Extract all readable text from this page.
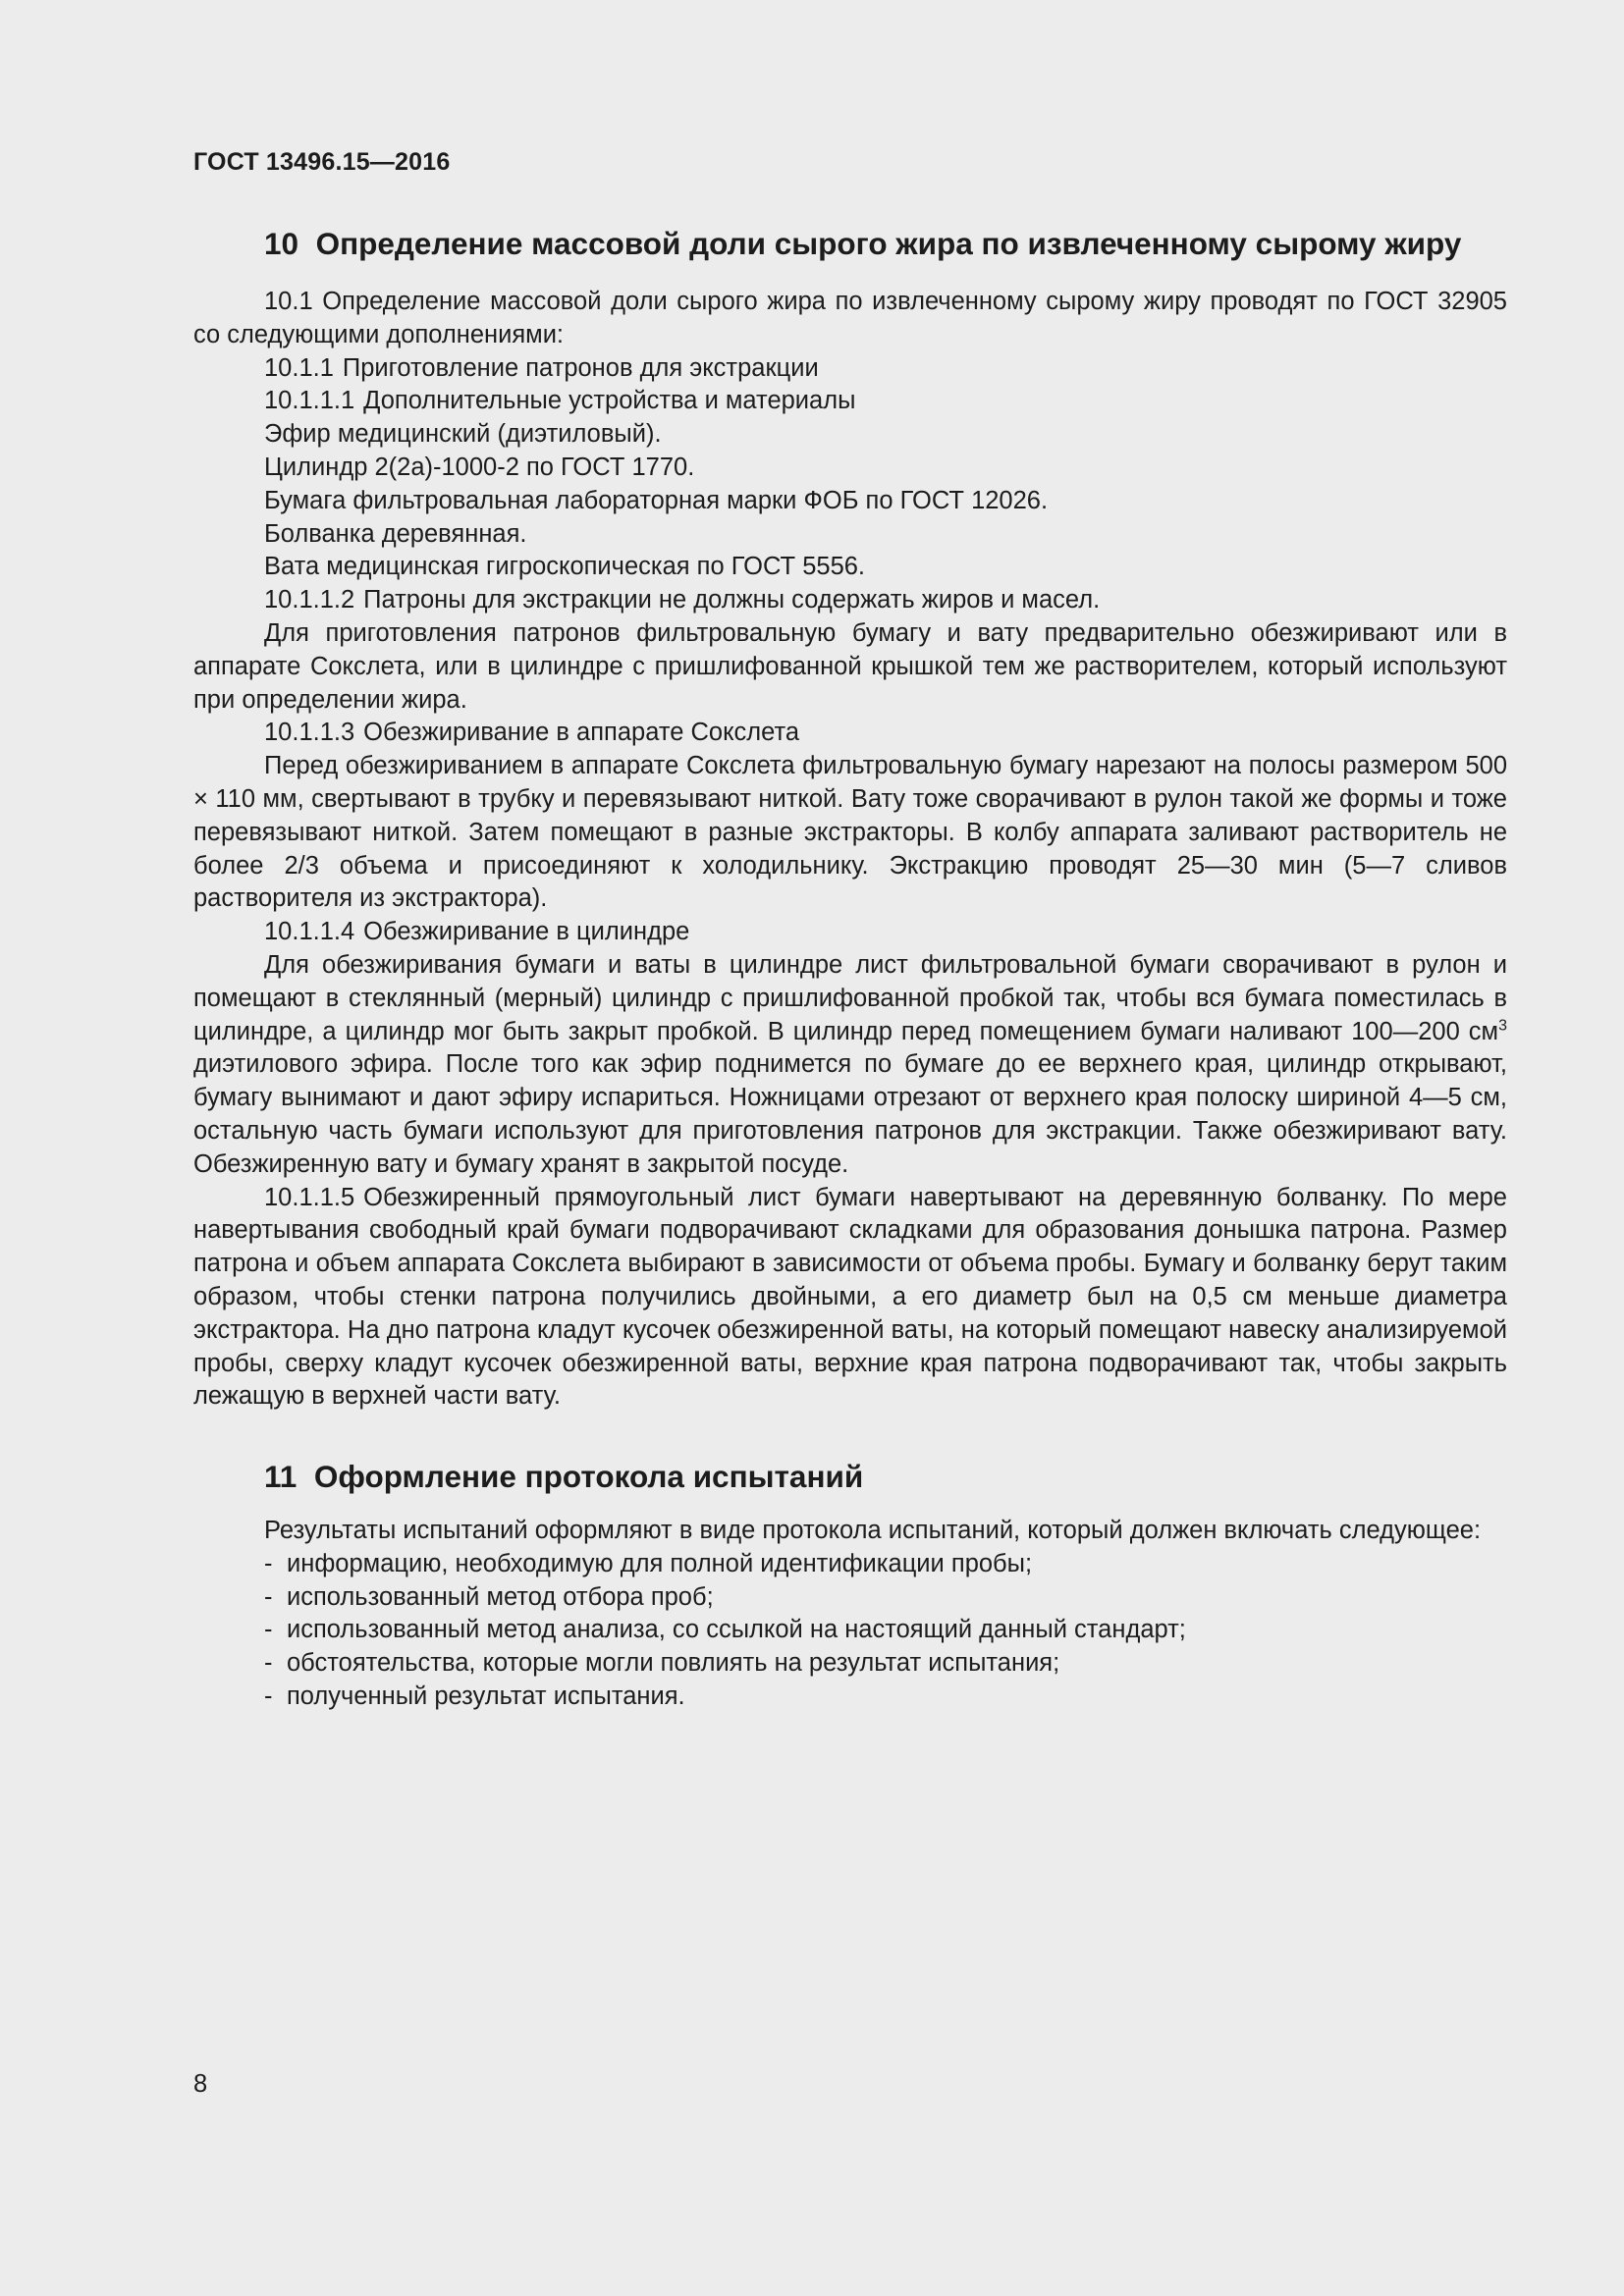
ГОСТ 13496.15—2016
10 Определение массовой доли сырого жира по извлеченному сырому жиру

10.1 Определение массовой доли сырого жира по извлеченному сырому жиру проводят по ГОСТ 32905 со следующими дополнениями:

10.1.1 Приготовление патронов для экстракции

10.1.1.1 Дополнительные устройства и материалы

Эфир медицинский (диэтиловый).

Цилиндр 2(2а)-1000-2 по ГОСТ 1770.

Бумага фильтровальная лабораторная марки ФОБ по ГОСТ 12026.

Болванка деревянная.

Вата медицинская гигроскопическая по ГОСТ 5556.

10.1.1.2 Патроны для экстракции не должны содержать жиров и масел.

Для приготовления патронов фильтровальную бумагу и вату предварительно обезжиривают или в аппарате Сокслета, или в цилиндре с пришлифованной крышкой тем же растворителем, который используют при определении жира.

10.1.1.3 Обезжиривание в аппарате Сокслета

Перед обезжириванием в аппарате Сокслета фильтровальную бумагу нарезают на полосы размером 500 × 110 мм, свертывают в трубку и перевязывают ниткой. Вату тоже сворачивают в рулон такой же формы и тоже перевязывают ниткой. Затем помещают в разные экстракторы. В колбу аппарата заливают растворитель не более 2/3 объема и присоединяют к холодильнику. Экстракцию проводят 25—30 мин (5—7 сливов растворителя из экстрактора).

10.1.1.4 Обезжиривание в цилиндре

Для обезжиривания бумаги и ваты в цилиндре лист фильтровальной бумаги сворачивают в рулон и помещают в стеклянный (мерный) цилиндр с пришлифованной пробкой так, чтобы вся бумага поместилась в цилиндре, а цилиндр мог быть закрыт пробкой. В цилиндр перед помещением бумаги наливают 100—200 $см^3$ диэтилового эфира. После того как эфир поднимется по бумаге до ее верхнего края, цилиндр открывают, бумагу вынимают и дают эфиру испариться. Ножницами отрезают от верхнего края полоску шириной 4—5 см, остальную часть бумаги используют для приготовления патронов для экстракции. Также обезжиривают вату. Обезжиренную вату и бумагу хранят в закрытой посуде.

10.1.1.5 Обезжиренный прямоугольный лист бумаги навертывают на деревянную болванку. По мере навертывания свободный край бумаги подворачивают складками для образования донышка патрона. Размер патрона и объем аппарата Сокслета выбирают в зависимости от объема пробы. Бумагу и болванку берут таким образом, чтобы стенки патрона получились двойными, а его диаметр был на 0,5 см меньше диаметра экстрактора. На дно патрона кладут кусочек обезжиренной ваты, на который помещают навеску анализируемой пробы, сверху кладут кусочек обезжиренной ваты, верхние края патрона подворачивают так, чтобы закрыть лежащую в верхней части вату.

11 Оформление протокола испытаний

Результаты испытаний оформляют в виде протокола испытаний, который должен включать следующее:

- информацию, необходимую для полной идентификации пробы;
- использованный метод отбора проб;
- использованный метод анализа, со ссылкой на настоящий данный стандарт;
- обстоятельства, которые могли повлиять на результат испытания;
- полученный результат испытания.
8
